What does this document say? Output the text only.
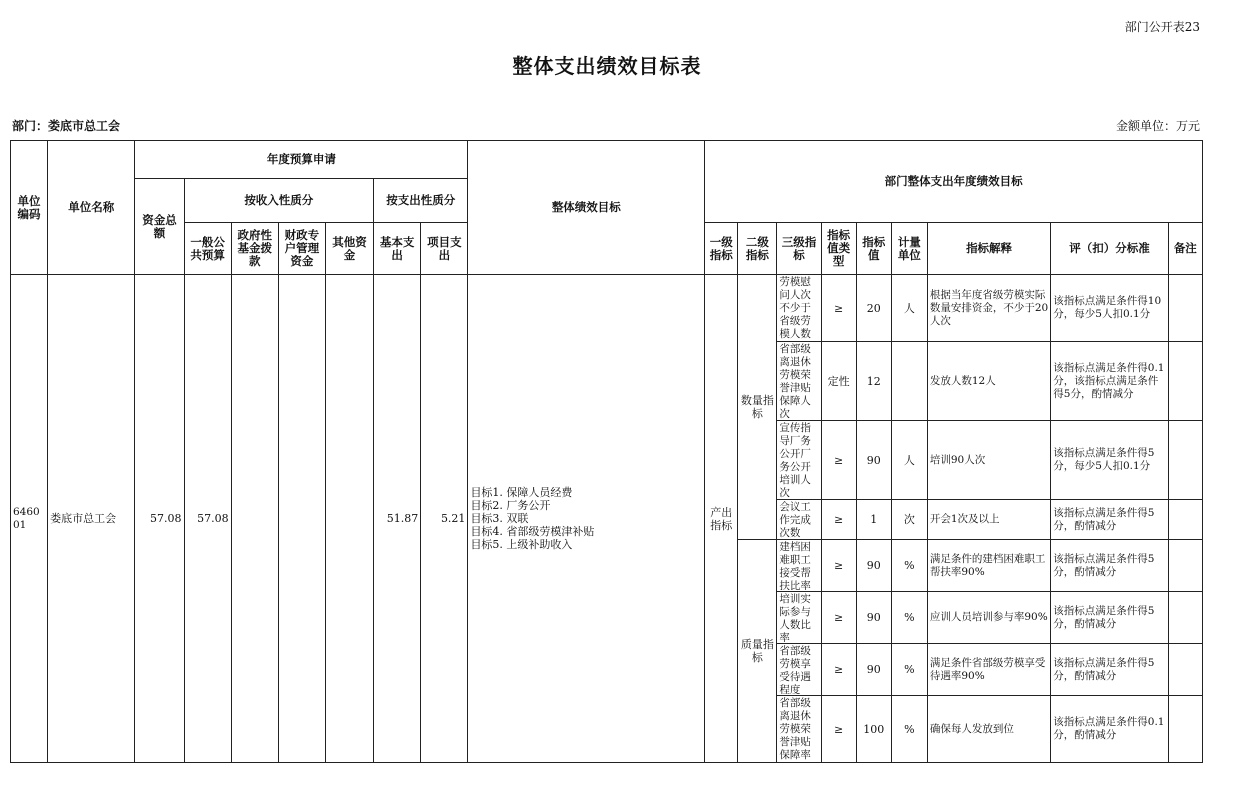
部门公开表23
整体支出绩效目标表
部门：娄底市总工会	金额单位：万元
单位编码	单位名称	年度预算申请							整体绩效目标	部门整体支出年度绩效目标								
		资金总额	按收入性质分				按支出性质分											
			一般公共预算	政府性基金拨款	财政专户管理资金	其他资金	基本支出	项目支出		一级指标	二级指标	三级指标	指标值类型	指标值	计量单位	指标解释	评（扣）分标准	备注
646001	娄底市总工会	57.08	57.08				51.87	5.21	目标1. 保障人员经费
目标2. 厂务公开
目标3. 双联
目标4. 省部级劳模津补贴
目标5. 上级补助收入	产出指标	数量指标	劳模慰问人次不少于省级劳模人数	≥	20	人	根据当年度省级劳模实际数量安排资金，不少于20人次	该指标点满足条件得10分，每少5人扣0.1分	

												省部级离退休劳模荣誉津贴保障人次	定性	12		发放人数12人	该指标点满足条件得0.1分，该指标点满足条件得5分，酌情减分	

												宣传指导厂务公开厂务公开培训人次	≥	90	人	培训90人次	该指标点满足条件得5分，每少5人扣0.1分	

												会议工作完成次数	≥	1	次	开会1次及以上	该指标点满足条件得5分，酌情减分	
											质量指标	建档困难职工接受帮扶比率	≥	90	%	满足条件的建档困难职工帮扶率90%	该指标点满足条件得5分，酌情减分	

												培训实际参与人数比率	≥	90	%	应训人员培训参与率90%	该指标点满足条件得5分，酌情减分	

												省部级劳模享受待遇程度	≥	90	%	满足条件省部级劳模享受待遇率90%	该指标点满足条件得5分，酌情减分	

												省部级离退休劳模荣誉津贴保障率	≥	100	%	确保每人发放到位	该指标点满足条件得0.1分，酌情减分	
